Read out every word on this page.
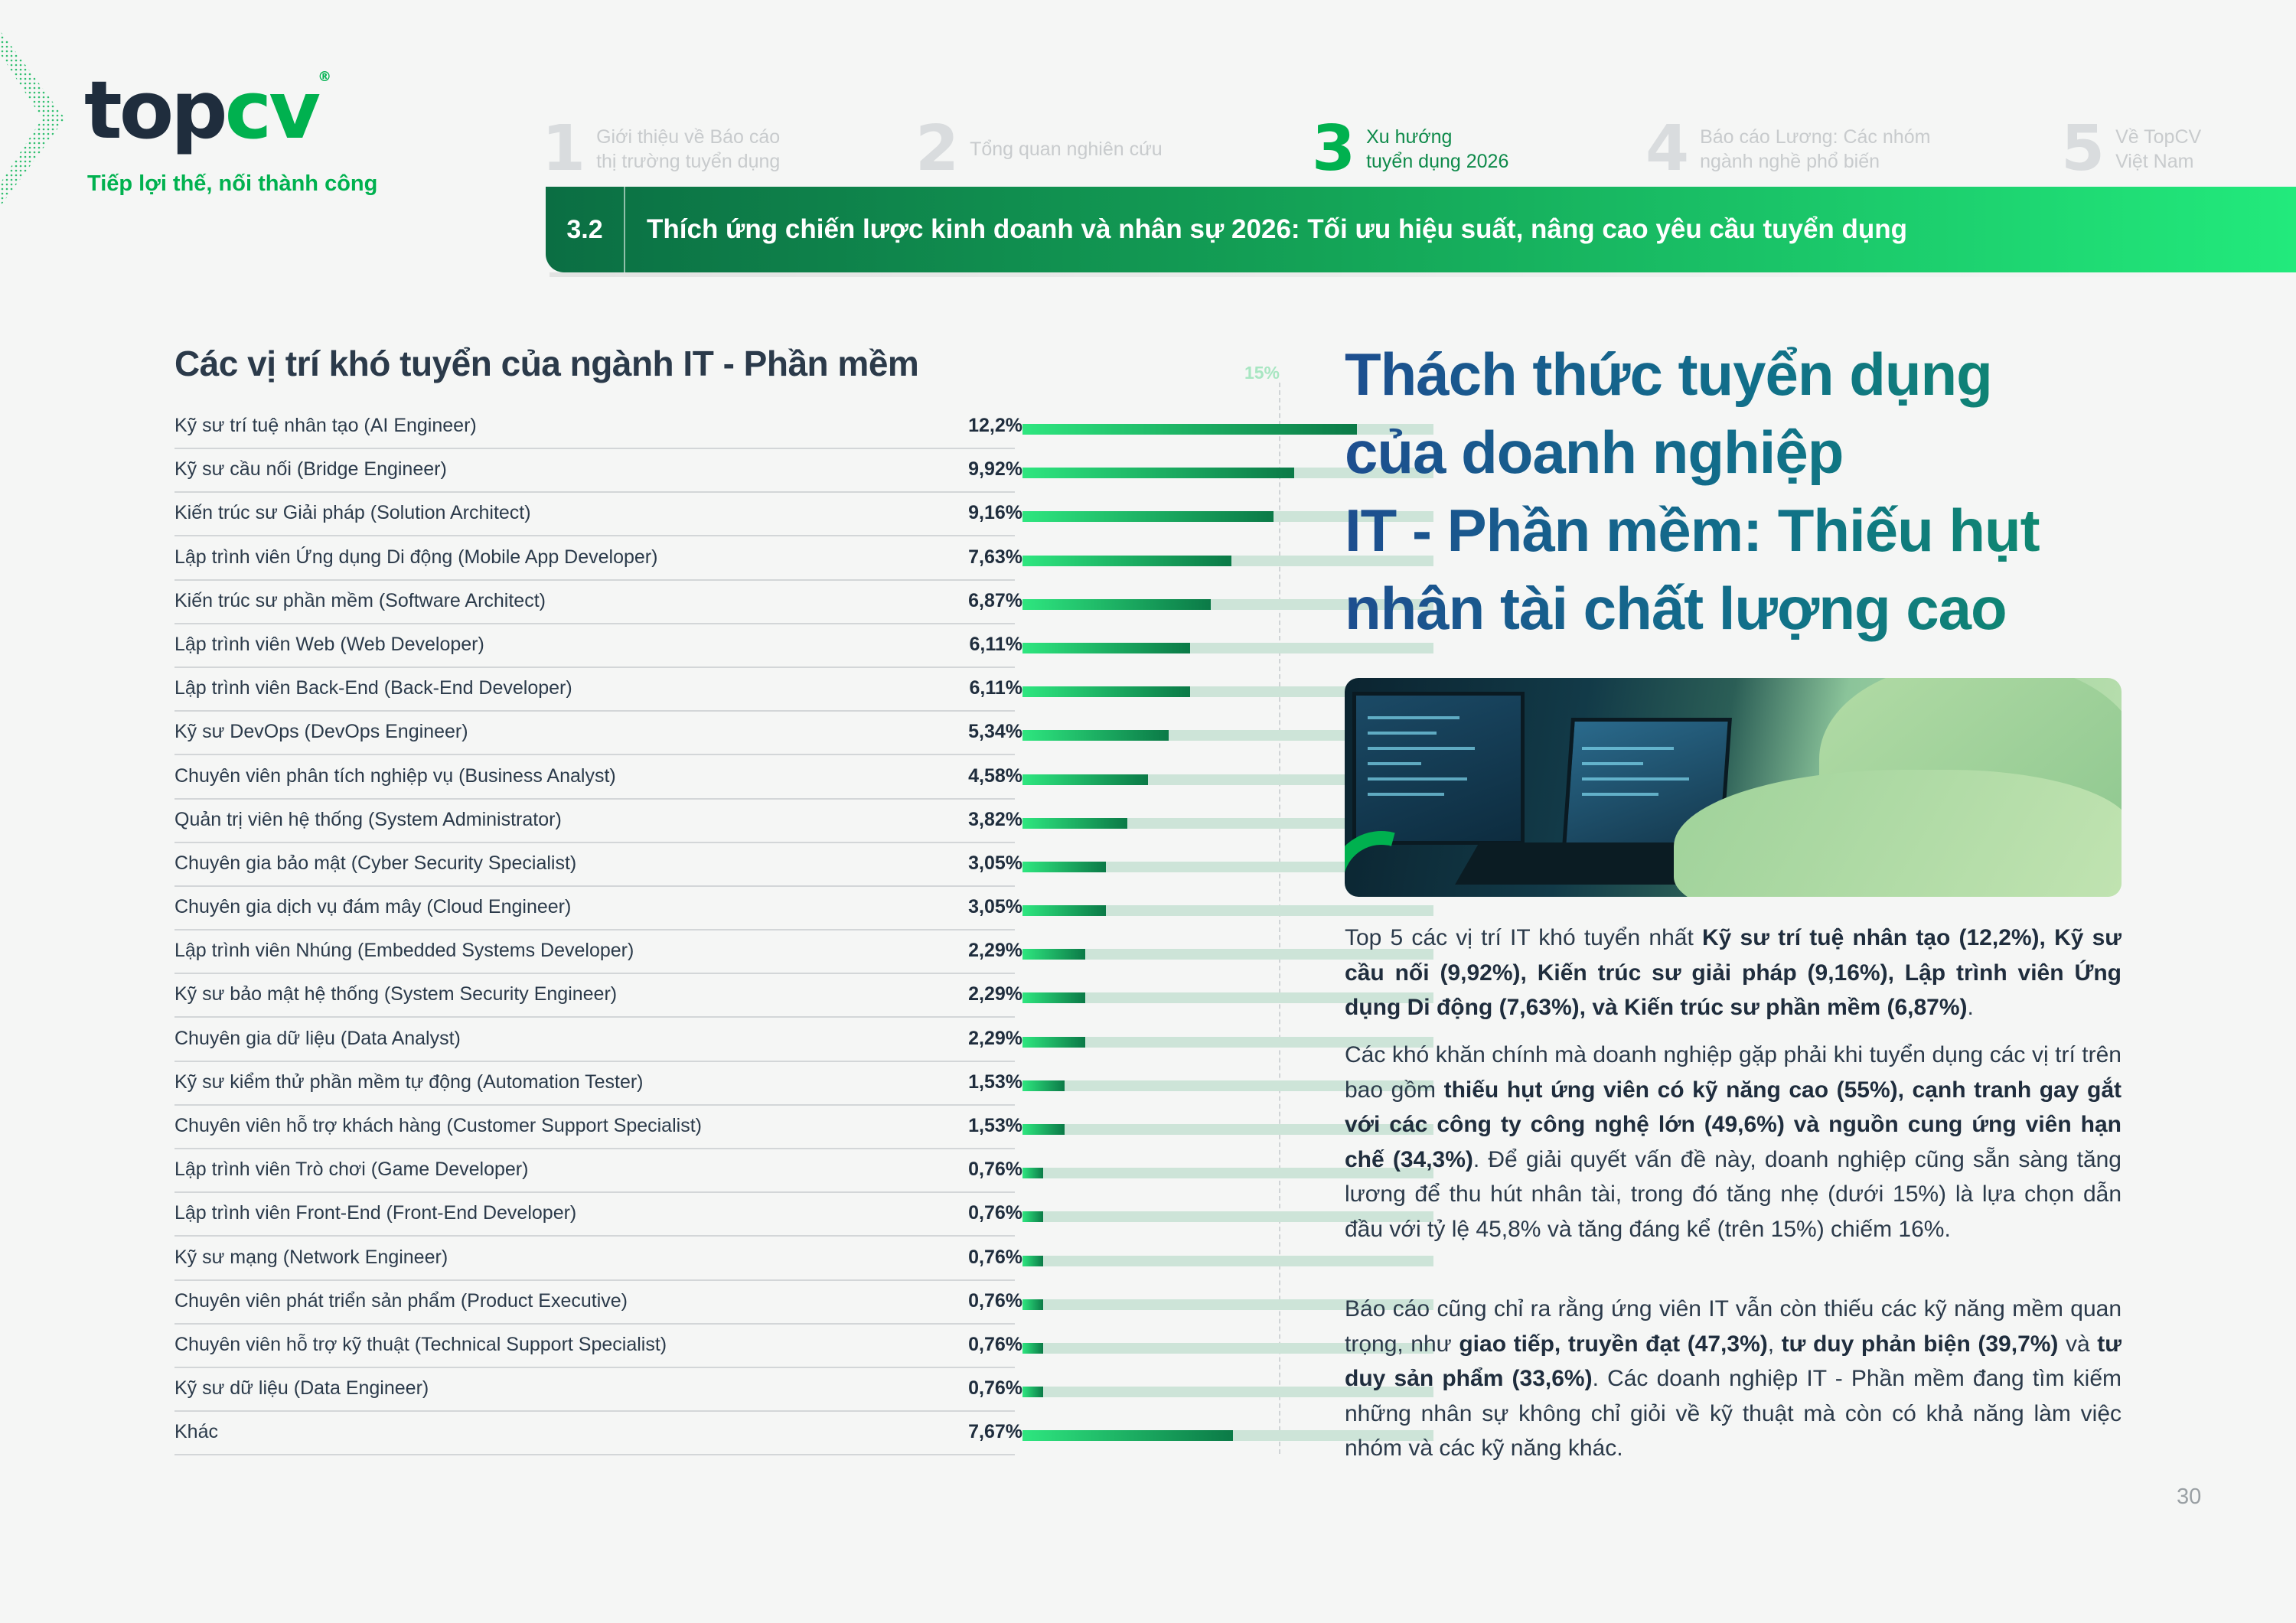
topcv®
Tiếp lợi thế, nối thành công	1 Giới thiệu về Báo cáo
thị trường tuyển dụng	2 Tổng quan nghiên cứu	3 Xu hướng
tuyển dụng 2026	4 Báo cáo Lương: Các nhóm
ngành nghề phổ biến	5 Về TopCV
Việt Nam
3.2	Thích ứng chiến lược kinh doanh và nhân sự 2026: Tối ưu hiệu suất, nâng cao yêu cầu tuyển dụng
Các vị trí khó tuyển của ngành IT - Phần mềm	15%
Kỹ sư trí tuệ nhân tạo (AI Engineer)	12,2%
Kỹ sư cầu nối (Bridge Engineer)	9,92%
Kiến trúc sư Giải pháp (Solution Architect)	9,16%
Lập trình viên Ứng dụng Di động (Mobile App Developer)	7,63%
Kiến trúc sư phần mềm (Software Architect)	6,87%
Lập trình viên Web (Web Developer)	6,11%
Lập trình viên Back-End (Back-End Developer)	6,11%
Kỹ sư DevOps (DevOps Engineer)	5,34%
Chuyên viên phân tích nghiệp vụ (Business Analyst)	4,58%
Quản trị viên hệ thống (System Administrator)	3,82%
Chuyên gia bảo mật (Cyber Security Specialist)	3,05%
Chuyên gia dịch vụ đám mây (Cloud Engineer)	3,05%
Lập trình viên Nhúng (Embedded Systems Developer)	2,29%
Kỹ sư bảo mật hệ thống (System Security Engineer)	2,29%
Chuyên gia dữ liệu (Data Analyst)	2,29%
Kỹ sư kiểm thử phần mềm tự động (Automation Tester)	1,53%
Chuyên viên hỗ trợ khách hàng (Customer Support Specialist)	1,53%
Lập trình viên Trò chơi (Game Developer)	0,76%
Lập trình viên Front-End (Front-End Developer)	0,76%
Kỹ sư mạng (Network Engineer)	0,76%
Chuyên viên phát triển sản phẩm (Product Executive)	0,76%
Chuyên viên hỗ trợ kỹ thuật (Technical Support Specialist)	0,76%
Kỹ sư dữ liệu (Data Engineer)	0,76%
Khác	7,67%
Thách thức tuyển dụng
của doanh nghiệp
IT - Phần mềm: Thiếu hụt
nhân tài chất lượng cao
Top 5 các vị trí IT khó tuyển nhất Kỹ sư trí tuệ nhân tạo (12,2%), Kỹ sư cầu nối (9,92%), Kiến trúc sư giải pháp (9,16%), Lập trình viên Ứng dụng Di động (7,63%), và Kiến trúc sư phần mềm (6,87%).
Các khó khăn chính mà doanh nghiệp gặp phải khi tuyển dụng các vị trí trên bao gồm thiếu hụt ứng viên có kỹ năng cao (55%), cạnh tranh gay gắt với các công ty công nghệ lớn (49,6%) và nguồn cung ứng viên hạn chế (34,3%). Để giải quyết vấn đề này, doanh nghiệp cũng sẵn sàng tăng lương để thu hút nhân tài, trong đó tăng nhẹ (dưới 15%) là lựa chọn dẫn đầu với tỷ lệ 45,8% và tăng đáng kể (trên 15%) chiếm 16%.
Báo cáo cũng chỉ ra rằng ứng viên IT vẫn còn thiếu các kỹ năng mềm quan trọng, như giao tiếp, truyền đạt (47,3%), tư duy phản biện (39,7%) và tư duy sản phẩm (33,6%). Các doanh nghiệp IT - Phần mềm đang tìm kiếm những nhân sự không chỉ giỏi về kỹ thuật mà còn có khả năng làm việc nhóm và các kỹ năng khác.
30
